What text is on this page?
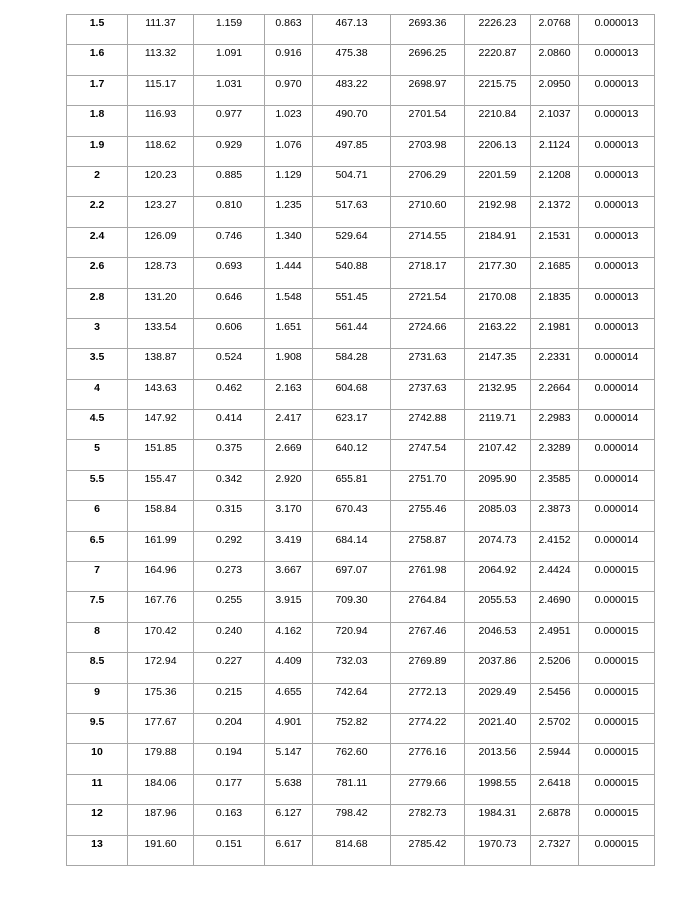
1.5	111.37	1.159	0.863	467.13	2693.36	2226.23	2.0768	0.000013

1.6	113.32	1.091	0.916	475.38	2696.25	2220.87	2.0860	0.000013

1.7	115.17	1.031	0.970	483.22	2698.97	2215.75	2.0950	0.000013

1.8	116.93	0.977	1.023	490.70	2701.54	2210.84	2.1037	0.000013

1.9	118.62	0.929	1.076	497.85	2703.98	2206.13	2.1124	0.000013

2	120.23	0.885	1.129	504.71	2706.29	2201.59	2.1208	0.000013

2.2	123.27	0.810	1.235	517.63	2710.60	2192.98	2.1372	0.000013

2.4	126.09	0.746	1.340	529.64	2714.55	2184.91	2.1531	0.000013

2.6	128.73	0.693	1.444	540.88	2718.17	2177.30	2.1685	0.000013

2.8	131.20	0.646	1.548	551.45	2721.54	2170.08	2.1835	0.000013

3	133.54	0.606	1.651	561.44	2724.66	2163.22	2.1981	0.000013

3.5	138.87	0.524	1.908	584.28	2731.63	2147.35	2.2331	0.000014

4	143.63	0.462	2.163	604.68	2737.63	2132.95	2.2664	0.000014

4.5	147.92	0.414	2.417	623.17	2742.88	2119.71	2.2983	0.000014

5	151.85	0.375	2.669	640.12	2747.54	2107.42	2.3289	0.000014

5.5	155.47	0.342	2.920	655.81	2751.70	2095.90	2.3585	0.000014

6	158.84	0.315	3.170	670.43	2755.46	2085.03	2.3873	0.000014

6.5	161.99	0.292	3.419	684.14	2758.87	2074.73	2.4152	0.000014

7	164.96	0.273	3.667	697.07	2761.98	2064.92	2.4424	0.000015

7.5	167.76	0.255	3.915	709.30	2764.84	2055.53	2.4690	0.000015

8	170.42	0.240	4.162	720.94	2767.46	2046.53	2.4951	0.000015

8.5	172.94	0.227	4.409	732.03	2769.89	2037.86	2.5206	0.000015

9	175.36	0.215	4.655	742.64	2772.13	2029.49	2.5456	0.000015

9.5	177.67	0.204	4.901	752.82	2774.22	2021.40	2.5702	0.000015

10	179.88	0.194	5.147	762.60	2776.16	2013.56	2.5944	0.000015

11	184.06	0.177	5.638	781.11	2779.66	1998.55	2.6418	0.000015

12	187.96	0.163	6.127	798.42	2782.73	1984.31	2.6878	0.000015

13	191.60	0.151	6.617	814.68	2785.42	1970.73	2.7327	0.000015
